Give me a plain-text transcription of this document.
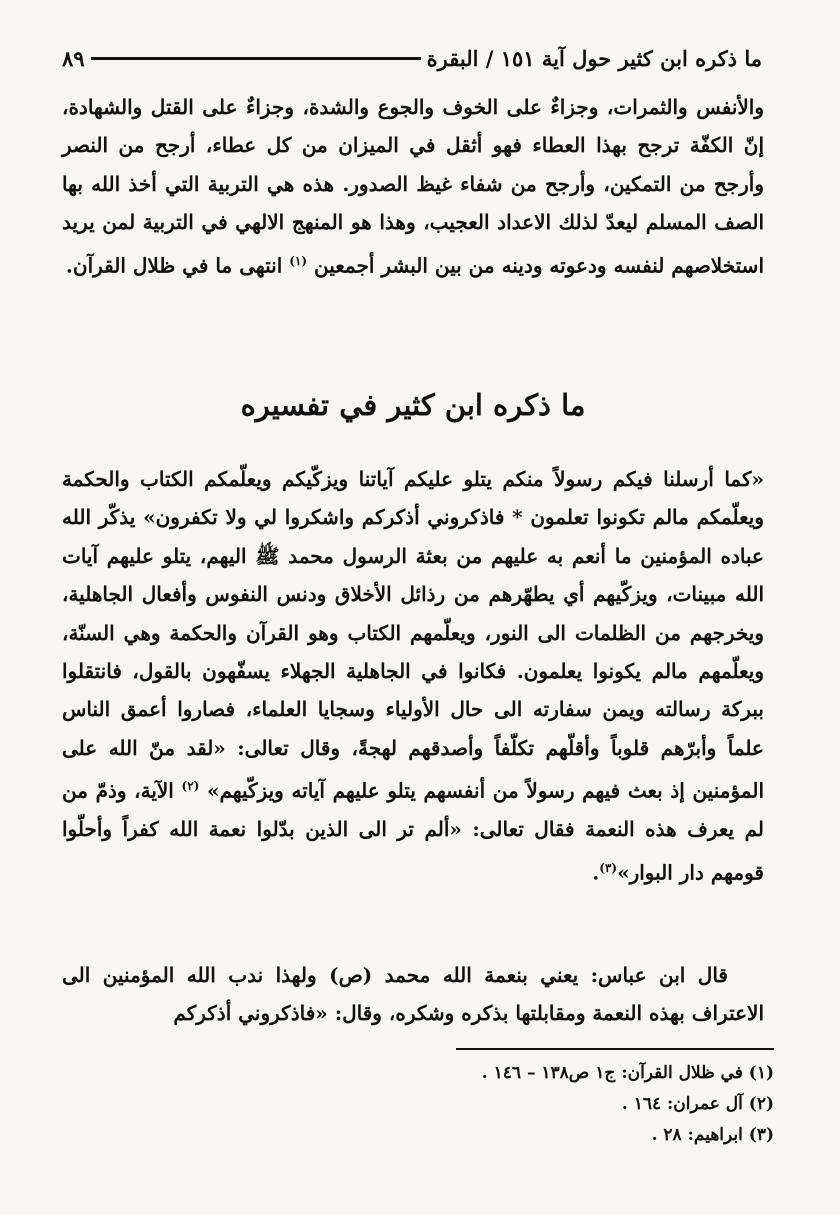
ما ذكره ابن كثير حول آية ١٥١ / البقرة
٨٩

والأنفس والثمرات، وجزاءٌ على الخوف والجوع والشدة، وجزاءٌ على القتل والشهادة، إنّ الكفّة ترجح بهذا العطاء فهو أثقل في الميزان من كل عطاء، أرجح من النصر وأرجح من التمكين، وأرجح من شفاء غيظ الصدور. هذه هي التربية التي أخذ الله بها الصف المسلم ليعدّ لذلك الاعداد العجيب، وهذا هو المنهج الالهي في التربية لمن يريد استخلاصهم لنفسه ودعوته ودينه من بين البشر أجمعين $^{(١)}$ انتهى ما في ظلال القرآن.

ما ذكره ابن كثير في تفسيره

«كما أرسلنا فيكم رسولاً منكم يتلو عليكم آياتنا ويزكّيكم ويعلّمكم الكتاب والحكمة ويعلّمكم مالم تكونوا تعلمون * فاذكروني أذكركم واشكروا لي ولا تكفرون» يذكّر الله عباده المؤمنين ما أنعم به عليهم من بعثة الرسول محمد ﷺ اليهم، يتلو عليهم آيات الله مبينات، ويزكّيهم أي يطهّرهم من رذائل الأخلاق ودنس النفوس وأفعال الجاهلية، ويخرجهم من الظلمات الى النور، ويعلّمهم الكتاب وهو القرآن والحكمة وهي السنّة، ويعلّمهم مالم يكونوا يعلمون. فكانوا في الجاهلية الجهلاء يسفّهون بالقول، فانتقلوا ببركة رسالته ويمن سفارته الى حال الأولياء وسجايا العلماء، فصاروا أعمق الناس علماً وأبرّهم قلوباً وأقلّهم تكلّفاً وأصدقهم لهجةً، وقال تعالى: «لقد منّ الله على المؤمنين إذ بعث فيهم رسولاً من أنفسهم يتلو عليهم آياته ويزكّيهم» $^{(٢)}$ الآية، وذمّ من لم يعرف هذه النعمة فقال تعالى: «ألم تر الى الذين بدّلوا نعمة الله كفراً وأحلّوا قومهم دار البوار»$^{(٣)}$.

قال ابن عباس: يعني بنعمة الله محمد (ص) ولهذا ندب الله المؤمنين الى الاعتراف بهذه النعمة ومقابلتها بذكره وشكره، وقال: «فاذكروني أذكركم

(١) في ظلال القرآن: ج١ ص١٣٨ – ١٤٦ .
(٢) آل عمران: ١٦٤ .
(٣) ابراهيم: ٢٨ .
